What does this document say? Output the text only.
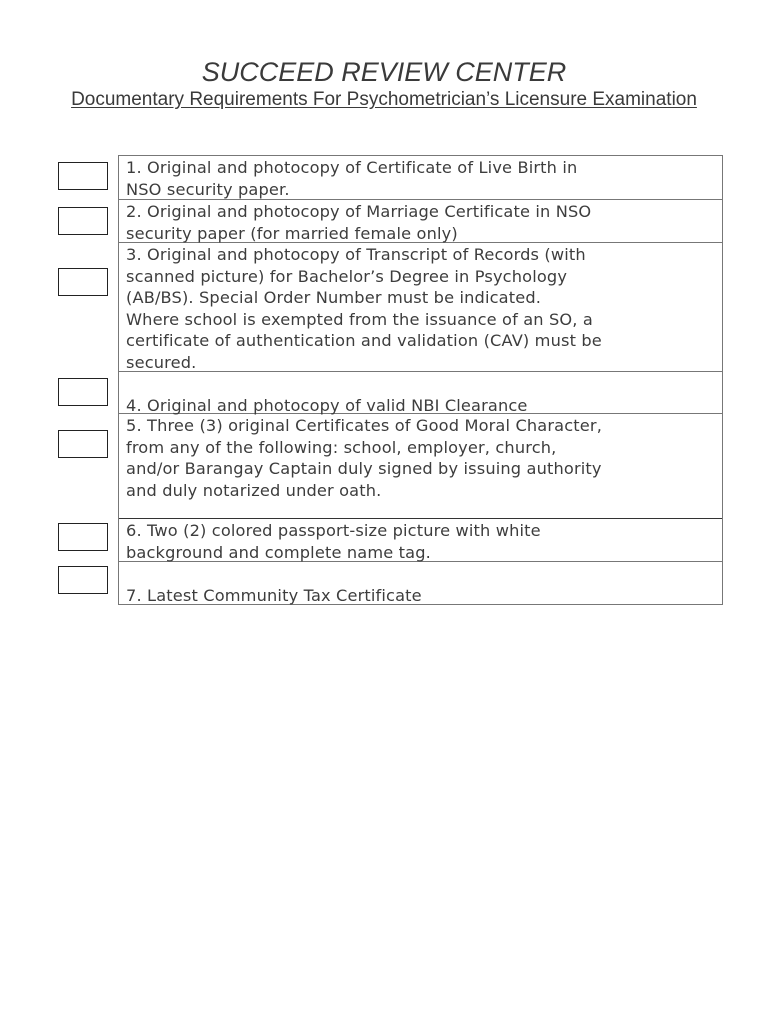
SUCCEED REVIEW CENTER
Documentary Requirements For Psychometrician’s Licensure Examination
1. Original and photocopy of Certificate of Live Birth in
NSO security paper.
2. Original and photocopy of Marriage Certificate in NSO
security paper (for married female only)
3. Original and photocopy of Transcript of Records (with
scanned picture) for Bachelor’s Degree in Psychology
(AB/BS). Special Order Number must be indicated.
Where school is exempted from the issuance of an SO, a
certificate of authentication and validation (CAV) must be
secured.

4. Original and photocopy of valid NBI Clearance
5. Three (3) original Certificates of Good Moral Character,
from any of the following: school, employer, church,
and/or Barangay Captain duly signed by issuing authority
and duly notarized under oath.
6. Two (2) colored passport-size picture with white
background and complete name tag.

7. Latest Community Tax Certificate
